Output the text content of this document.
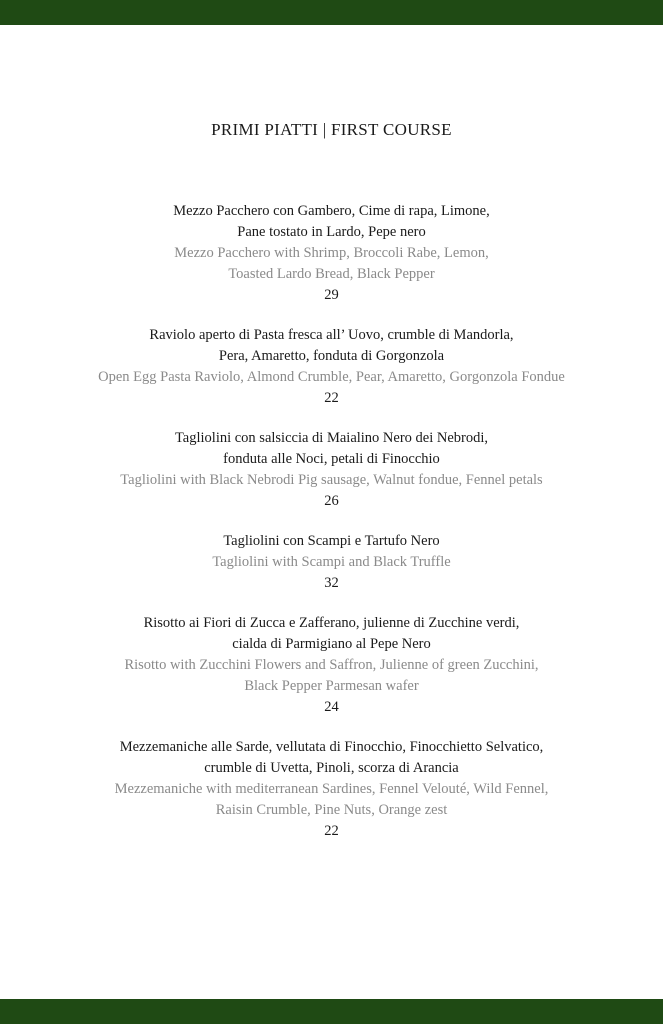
PRIMI PIATTI | FIRST COURSE
Mezzo Pacchero con Gambero, Cime di rapa, Limone,
Pane tostato in Lardo, Pepe nero
Mezzo Pacchero with Shrimp, Broccoli Rabe, Lemon,
Toasted Lardo Bread, Black Pepper
29
Raviolo aperto di Pasta fresca all’ Uovo, crumble di Mandorla,
Pera, Amaretto, fonduta di Gorgonzola
Open Egg Pasta Raviolo, Almond Crumble, Pear, Amaretto, Gorgonzola Fondue
22
Tagliolini con salsiccia di Maialino Nero dei Nebrodi,
fonduta alle Noci, petali di Finocchio
Tagliolini with Black Nebrodi Pig sausage, Walnut fondue, Fennel petals
26
Tagliolini con Scampi e Tartufo Nero
Tagliolini with Scampi and Black Truffle
32
Risotto ai Fiori di Zucca e Zafferano, julienne di Zucchine verdi,
cialda di Parmigiano al Pepe Nero
Risotto with Zucchini Flowers and Saffron, Julienne of green Zucchini,
Black Pepper Parmesan wafer
24
Mezzemaniche alle Sarde, vellutata di Finocchio, Finocchietto Selvatico,
crumble di Uvetta, Pinoli, scorza di Arancia
Mezzemaniche with mediterranean Sardines, Fennel Velouté, Wild Fennel,
Raisin Crumble, Pine Nuts, Orange zest
22
